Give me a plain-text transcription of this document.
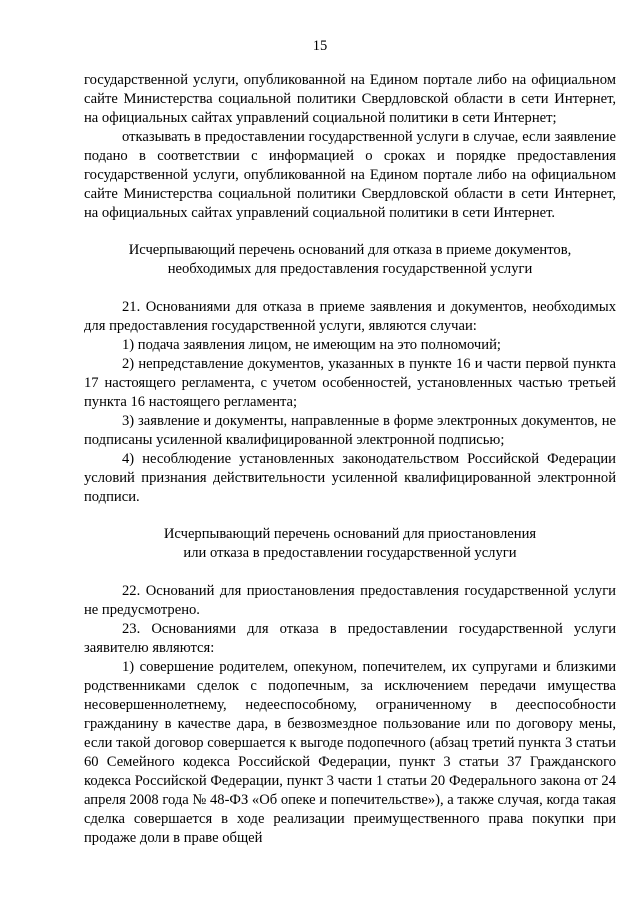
15

государственной услуги, опубликованной на Едином портале либо на официальном сайте Министерства социальной политики Свердловской области в сети Интернет, на официальных сайтах управлений социальной политики в сети Интернет;

отказывать в предоставлении государственной услуги в случае, если заявление подано в соответствии с информацией о сроках и порядке предоставления государственной услуги, опубликованной на Едином портале либо на официальном сайте Министерства социальной политики Свердловской области в сети Интернет, на официальных сайтах управлений социальной политики в сети Интернет.

Исчерпывающий перечень оснований для отказа в приеме документов,
необходимых для предоставления государственной услуги

21. Основаниями для отказа в приеме заявления и документов, необходимых для предоставления государственной услуги, являются случаи:

1) подача заявления лицом, не имеющим на это полномочий;

2) непредставление документов, указанных в пункте 16 и части первой пункта 17 настоящего регламента, с учетом особенностей, установленных частью третьей пункта 16 настоящего регламента;

3) заявление и документы, направленные в форме электронных документов, не подписаны усиленной квалифицированной электронной подписью;

4) несоблюдение установленных законодательством Российской Федерации условий признания действительности усиленной квалифицированной электронной подписи.

Исчерпывающий перечень оснований для приостановления
или отказа в предоставлении государственной услуги

22. Оснований для приостановления предоставления государственной услуги не предусмотрено.

23. Основаниями для отказа в предоставлении государственной услуги заявителю являются:

1) совершение родителем, опекуном, попечителем, их супругами и близкими родственниками сделок с подопечным, за исключением передачи имущества несовершеннолетнему, недееспособному, ограниченному в дееспособности гражданину в качестве дара, в безвозмездное пользование или по договору мены, если такой договор совершается к выгоде подопечного (абзац третий пункта 3 статьи 60 Семейного кодекса Российской Федерации, пункт 3 статьи 37 Гражданского кодекса Российской Федерации, пункт 3 части 1 статьи 20 Федерального закона от 24 апреля 2008 года № 48-ФЗ «Об опеке и попечительстве»), а также случая, когда такая сделка совершается в ходе реализации преимущественного права покупки при продаже доли в праве общей
